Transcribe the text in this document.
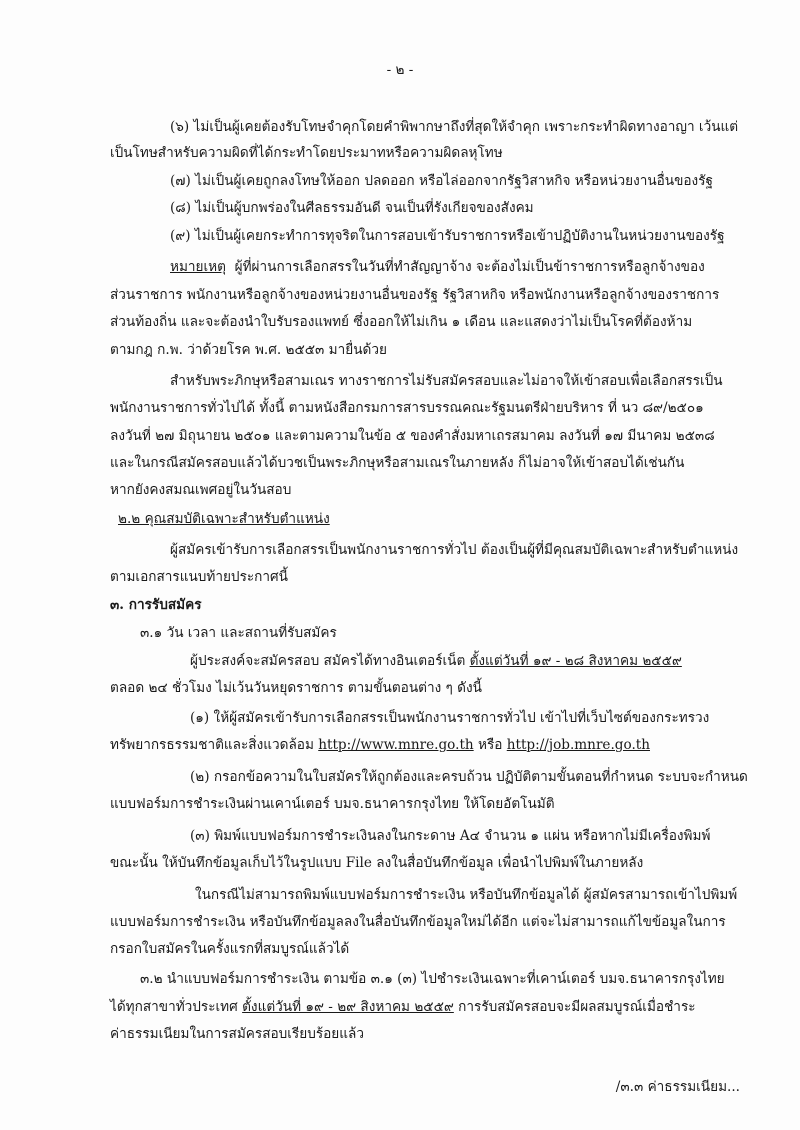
- ๒ -
(๖) ไม่เป็นผู้เคยต้องรับโทษจำคุกโดยคำพิพากษาถึงที่สุดให้จำคุก เพราะกระทำผิดทางอาญา เว้นแต่
เป็นโทษสำหรับความผิดที่ได้กระทำโดยประมาทหรือความผิดลหุโทษ
(๗) ไม่เป็นผู้เคยถูกลงโทษให้ออก ปลดออก หรือไล่ออกจากรัฐวิสาหกิจ หรือหน่วยงานอื่นของรัฐ
(๘) ไม่เป็นผู้บกพร่องในศีลธรรมอันดี จนเป็นที่รังเกียจของสังคม
(๙) ไม่เป็นผู้เคยกระทำการทุจริตในการสอบเข้ารับราชการหรือเข้าปฏิบัติงานในหน่วยงานของรัฐ
หมายเหตุ ผู้ที่ผ่านการเลือกสรรในวันที่ทำสัญญาจ้าง จะต้องไม่เป็นข้าราชการหรือลูกจ้างของ
ส่วนราชการ พนักงานหรือลูกจ้างของหน่วยงานอื่นของรัฐ รัฐวิสาหกิจ หรือพนักงานหรือลูกจ้างของราชการ
ส่วนท้องถิ่น และจะต้องนำใบรับรองแพทย์ ซึ่งออกให้ไม่เกิน ๑ เดือน และแสดงว่าไม่เป็นโรคที่ต้องห้าม
ตามกฎ ก.พ. ว่าด้วยโรค พ.ศ. ๒๕๕๓ มายื่นด้วย
สำหรับพระภิกษุหรือสามเณร ทางราชการไม่รับสมัครสอบและไม่อาจให้เข้าสอบเพื่อเลือกสรรเป็น
พนักงานราชการทั่วไปได้ ทั้งนี้ ตามหนังสือกรมการสารบรรณคณะรัฐมนตรีฝ่ายบริหาร ที่ นว ๘๙/๒๕๐๑
ลงวันที่ ๒๗ มิถุนายน ๒๕๐๑ และตามความในข้อ ๕ ของคำสั่งมหาเถรสมาคม ลงวันที่ ๑๗ มีนาคม ๒๕๓๘
และในกรณีสมัครสอบแล้วได้บวชเป็นพระภิกษุหรือสามเณรในภายหลัง ก็ไม่อาจให้เข้าสอบได้เช่นกัน
หากยังคงสมณเพศอยู่ในวันสอบ
๒.๒ คุณสมบัติเฉพาะสำหรับตำแหน่ง
ผู้สมัครเข้ารับการเลือกสรรเป็นพนักงานราชการทั่วไป ต้องเป็นผู้ที่มีคุณสมบัติเฉพาะสำหรับตำแหน่ง
ตามเอกสารแนบท้ายประกาศนี้
๓. การรับสมัคร
๓.๑ วัน เวลา และสถานที่รับสมัคร
ผู้ประสงค์จะสมัครสอบ สมัครได้ทางอินเตอร์เน็ต ตั้งแต่วันที่ ๑๙ - ๒๘ สิงหาคม ๒๕๕๙
ตลอด ๒๔ ชั่วโมง ไม่เว้นวันหยุดราชการ ตามขั้นตอนต่าง ๆ ดังนี้
(๑) ให้ผู้สมัครเข้ารับการเลือกสรรเป็นพนักงานราชการทั่วไป เข้าไปที่เว็บไซต์ของกระทรวง
ทรัพยากรธรรมชาติและสิ่งแวดล้อม http://www.mnre.go.th หรือ http://job.mnre.go.th
(๒) กรอกข้อความในใบสมัครให้ถูกต้องและครบถ้วน ปฏิบัติตามขั้นตอนที่กำหนด ระบบจะกำหนด
แบบฟอร์มการชำระเงินผ่านเคาน์เตอร์ บมจ.ธนาคารกรุงไทย ให้โดยอัตโนมัติ
(๓) พิมพ์แบบฟอร์มการชำระเงินลงในกระดาษ A๔ จำนวน ๑ แผ่น หรือหากไม่มีเครื่องพิมพ์
ขณะนั้น ให้บันทึกข้อมูลเก็บไว้ในรูปแบบ File ลงในสื่อบันทึกข้อมูล เพื่อนำไปพิมพ์ในภายหลัง
ในกรณีไม่สามารถพิมพ์แบบฟอร์มการชำระเงิน หรือบันทึกข้อมูลได้ ผู้สมัครสามารถเข้าไปพิมพ์
แบบฟอร์มการชำระเงิน หรือบันทึกข้อมูลลงในสื่อบันทึกข้อมูลใหม่ได้อีก แต่จะไม่สามารถแก้ไขข้อมูลในการ
กรอกใบสมัครในครั้งแรกที่สมบูรณ์แล้วได้
๓.๒ นำแบบฟอร์มการชำระเงิน ตามข้อ ๓.๑ (๓) ไปชำระเงินเฉพาะที่เคาน์เตอร์ บมจ.ธนาคารกรุงไทย
ได้ทุกสาขาทั่วประเทศ ตั้งแต่วันที่ ๑๙ - ๒๙ สิงหาคม ๒๕๕๙ การรับสมัครสอบจะมีผลสมบูรณ์เมื่อชำระ
ค่าธรรมเนียมในการสมัครสอบเรียบร้อยแล้ว
/๓.๓ ค่าธรรมเนียม...
